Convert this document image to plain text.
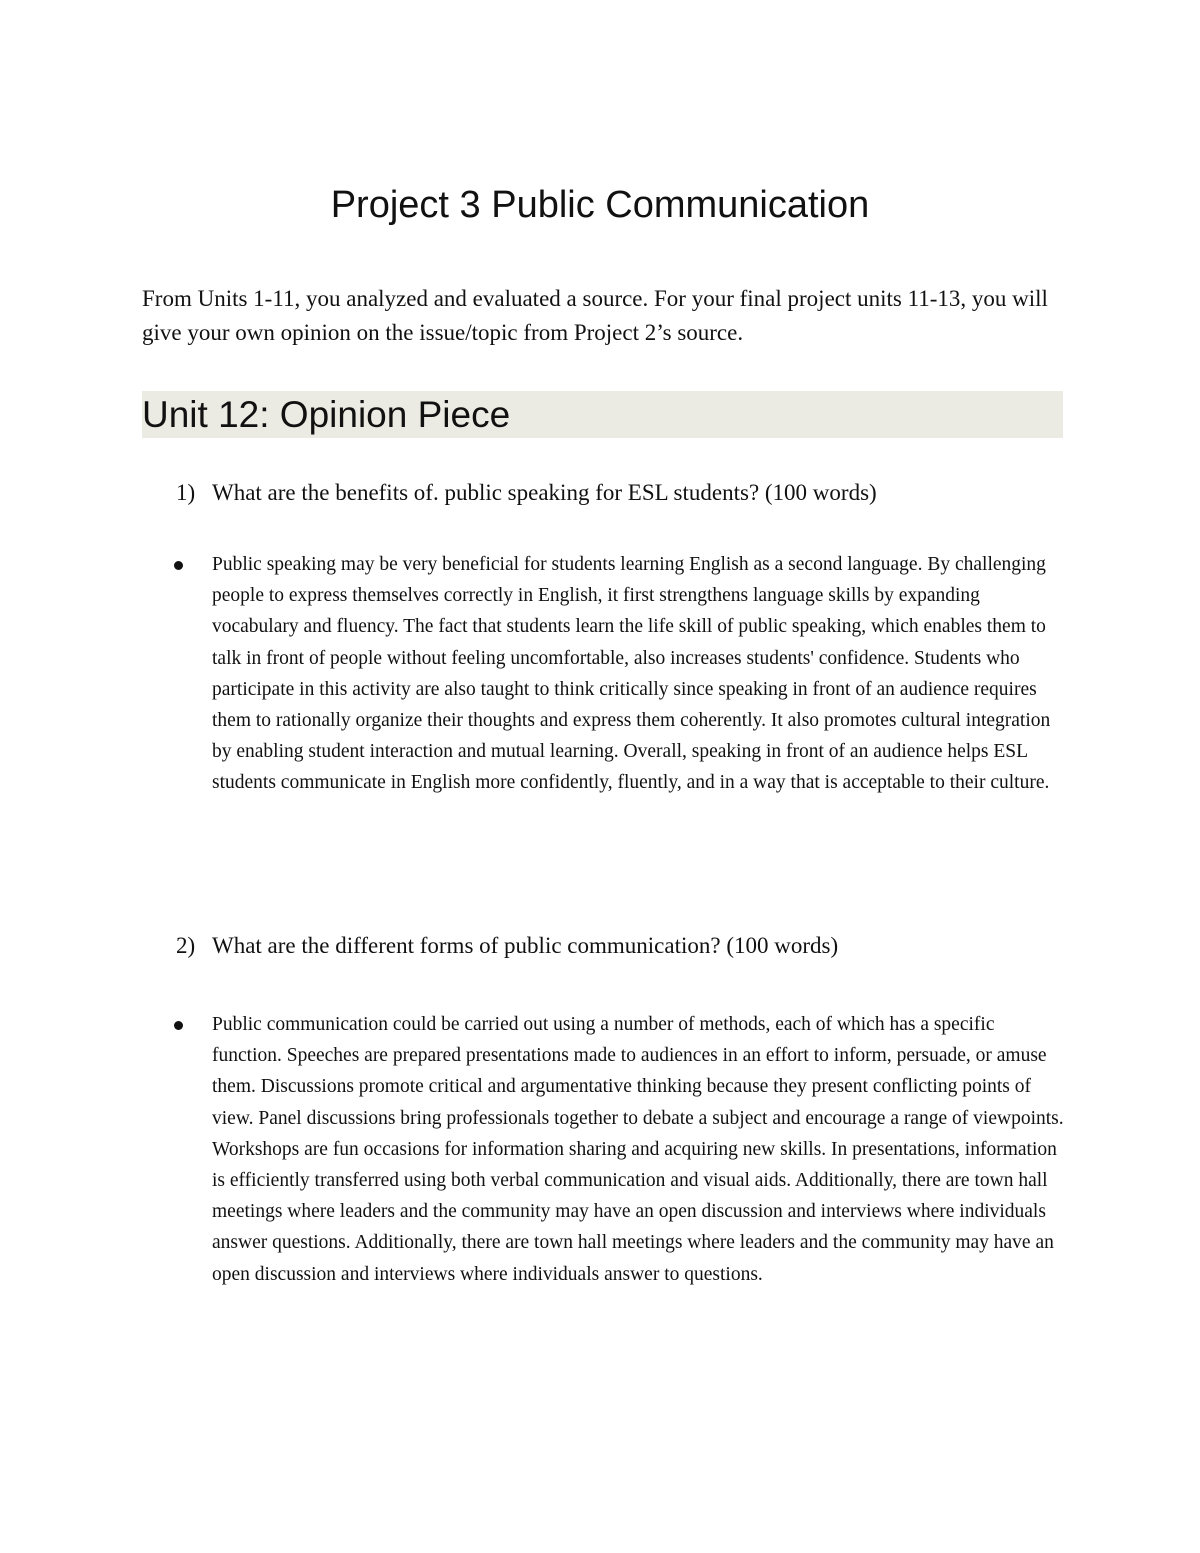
Project 3 Public Communication

From Units 1-11, you analyzed and evaluated a source. For your final project units 11-13, you will give your own opinion on the issue/topic from Project 2’s source.

Unit 12: Opinion Piece

1) What are the benefits of. public speaking for ESL students? (100 words)

Public speaking may be very beneficial for students learning English as a second language. By challenging people to express themselves correctly in English, it first strengthens language skills by expanding vocabulary and fluency. The fact that students learn the life skill of public speaking, which enables them to talk in front of people without feeling uncomfortable, also increases students' confidence. Students who participate in this activity are also taught to think critically since speaking in front of an audience requires them to rationally organize their thoughts and express them coherently. It also promotes cultural integration by enabling student interaction and mutual learning. Overall, speaking in front of an audience helps ESL students communicate in English more confidently, fluently, and in a way that is acceptable to their culture.

2) What are the different forms of public communication? (100 words)

Public communication could be carried out using a number of methods, each of which has a specific function. Speeches are prepared presentations made to audiences in an effort to inform, persuade, or amuse them. Discussions promote critical and argumentative thinking because they present conflicting points of view. Panel discussions bring professionals together to debate a subject and encourage a range of viewpoints. Workshops are fun occasions for information sharing and acquiring new skills. In presentations, information is efficiently transferred using both verbal communication and visual aids. Additionally, there are town hall meetings where leaders and the community may have an open discussion and interviews where individuals answer questions. Additionally, there are town hall meetings where leaders and the community may have an open discussion and interviews where individuals answer to questions.
